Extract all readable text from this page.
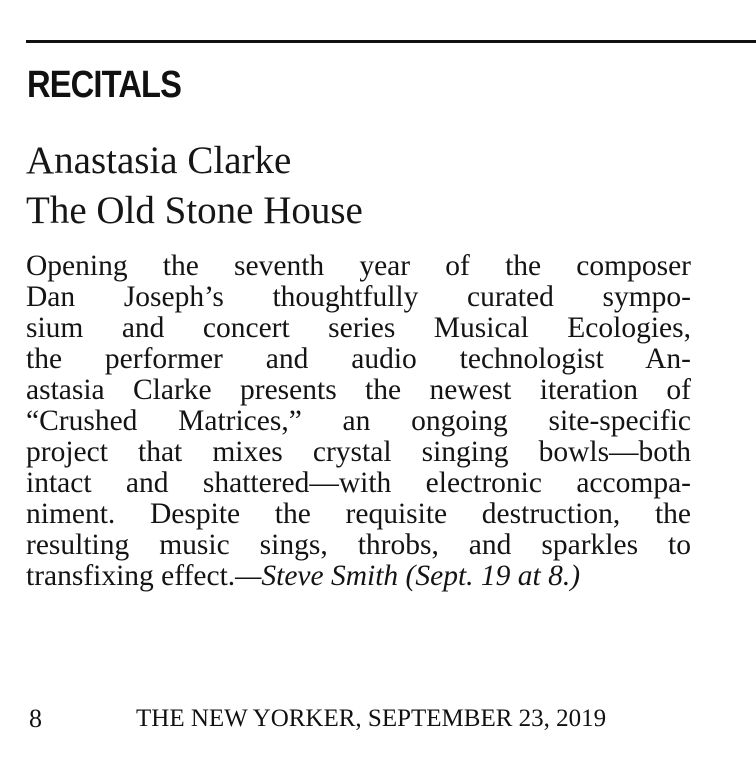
RECITALS
Anastasia Clarke
The Old Stone House

Opening the seventh year of the composer
Dan Joseph’s thoughtfully curated sympo-
sium and concert series Musical Ecologies,
the performer and audio technologist An-
astasia Clarke presents the newest iteration of
“Crushed Matrices,” an ongoing site-specific
project that mixes crystal singing bowls—both
intact and shattered—with electronic accompa-
niment. Despite the requisite destruction, the
resulting music sings, throbs, and sparkles to
transfixing effect.—Steve Smith (Sept. 19 at 8.)

8	THE NEW YORKER, SEPTEMBER 23, 2019
